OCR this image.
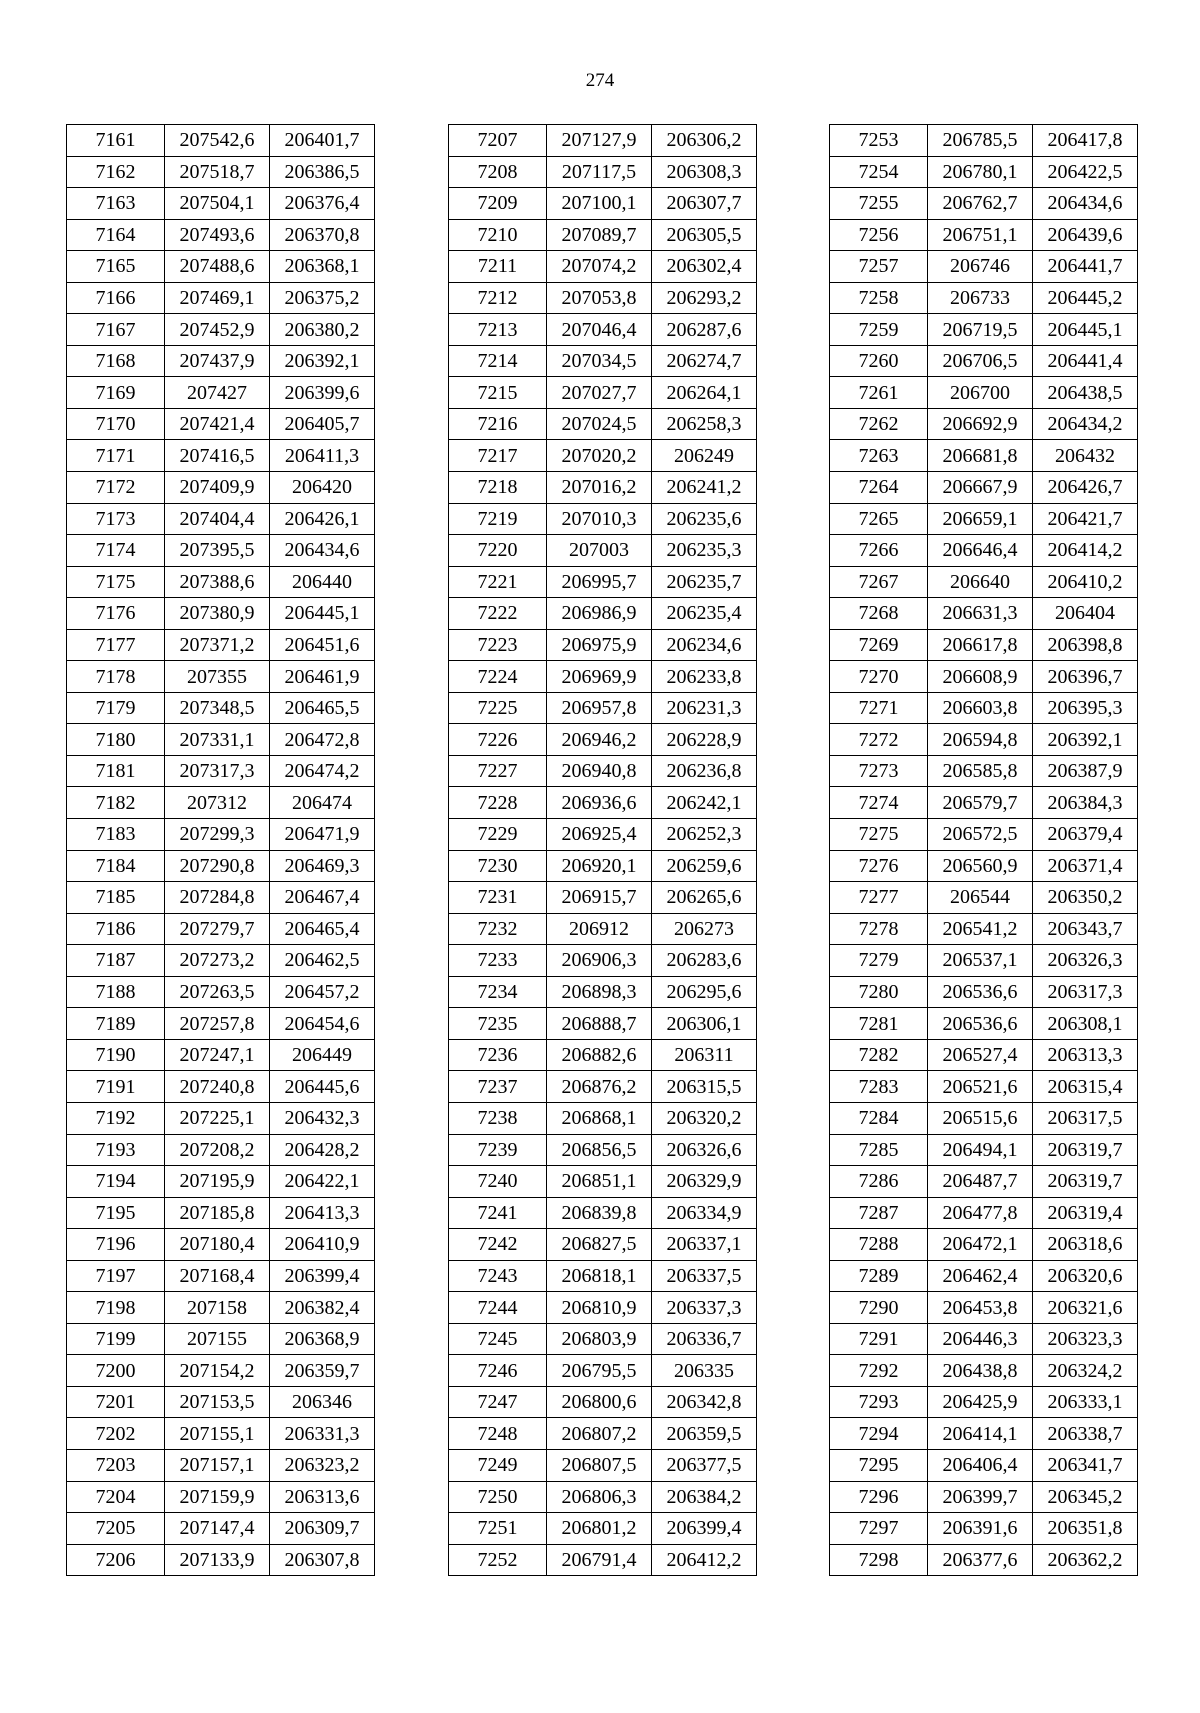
274
7161	207542,6	206401,7
7162	207518,7	206386,5
7163	207504,1	206376,4
7164	207493,6	206370,8
7165	207488,6	206368,1
7166	207469,1	206375,2
7167	207452,9	206380,2
7168	207437,9	206392,1
7169	207427	206399,6
7170	207421,4	206405,7
7171	207416,5	206411,3
7172	207409,9	206420
7173	207404,4	206426,1
7174	207395,5	206434,6
7175	207388,6	206440
7176	207380,9	206445,1
7177	207371,2	206451,6
7178	207355	206461,9
7179	207348,5	206465,5
7180	207331,1	206472,8
7181	207317,3	206474,2
7182	207312	206474
7183	207299,3	206471,9
7184	207290,8	206469,3
7185	207284,8	206467,4
7186	207279,7	206465,4
7187	207273,2	206462,5
7188	207263,5	206457,2
7189	207257,8	206454,6
7190	207247,1	206449
7191	207240,8	206445,6
7192	207225,1	206432,3
7193	207208,2	206428,2
7194	207195,9	206422,1
7195	207185,8	206413,3
7196	207180,4	206410,9
7197	207168,4	206399,4
7198	207158	206382,4
7199	207155	206368,9
7200	207154,2	206359,7
7201	207153,5	206346
7202	207155,1	206331,3
7203	207157,1	206323,2
7204	207159,9	206313,6
7205	207147,4	206309,7
7206	207133,9	206307,8
7207	207127,9	206306,2
7208	207117,5	206308,3
7209	207100,1	206307,7
7210	207089,7	206305,5
7211	207074,2	206302,4
7212	207053,8	206293,2
7213	207046,4	206287,6
7214	207034,5	206274,7
7215	207027,7	206264,1
7216	207024,5	206258,3
7217	207020,2	206249
7218	207016,2	206241,2
7219	207010,3	206235,6
7220	207003	206235,3
7221	206995,7	206235,7
7222	206986,9	206235,4
7223	206975,9	206234,6
7224	206969,9	206233,8
7225	206957,8	206231,3
7226	206946,2	206228,9
7227	206940,8	206236,8
7228	206936,6	206242,1
7229	206925,4	206252,3
7230	206920,1	206259,6
7231	206915,7	206265,6
7232	206912	206273
7233	206906,3	206283,6
7234	206898,3	206295,6
7235	206888,7	206306,1
7236	206882,6	206311
7237	206876,2	206315,5
7238	206868,1	206320,2
7239	206856,5	206326,6
7240	206851,1	206329,9
7241	206839,8	206334,9
7242	206827,5	206337,1
7243	206818,1	206337,5
7244	206810,9	206337,3
7245	206803,9	206336,7
7246	206795,5	206335
7247	206800,6	206342,8
7248	206807,2	206359,5
7249	206807,5	206377,5
7250	206806,3	206384,2
7251	206801,2	206399,4
7252	206791,4	206412,2
7253	206785,5	206417,8
7254	206780,1	206422,5
7255	206762,7	206434,6
7256	206751,1	206439,6
7257	206746	206441,7
7258	206733	206445,2
7259	206719,5	206445,1
7260	206706,5	206441,4
7261	206700	206438,5
7262	206692,9	206434,2
7263	206681,8	206432
7264	206667,9	206426,7
7265	206659,1	206421,7
7266	206646,4	206414,2
7267	206640	206410,2
7268	206631,3	206404
7269	206617,8	206398,8
7270	206608,9	206396,7
7271	206603,8	206395,3
7272	206594,8	206392,1
7273	206585,8	206387,9
7274	206579,7	206384,3
7275	206572,5	206379,4
7276	206560,9	206371,4
7277	206544	206350,2
7278	206541,2	206343,7
7279	206537,1	206326,3
7280	206536,6	206317,3
7281	206536,6	206308,1
7282	206527,4	206313,3
7283	206521,6	206315,4
7284	206515,6	206317,5
7285	206494,1	206319,7
7286	206487,7	206319,7
7287	206477,8	206319,4
7288	206472,1	206318,6
7289	206462,4	206320,6
7290	206453,8	206321,6
7291	206446,3	206323,3
7292	206438,8	206324,2
7293	206425,9	206333,1
7294	206414,1	206338,7
7295	206406,4	206341,7
7296	206399,7	206345,2
7297	206391,6	206351,8
7298	206377,6	206362,2
